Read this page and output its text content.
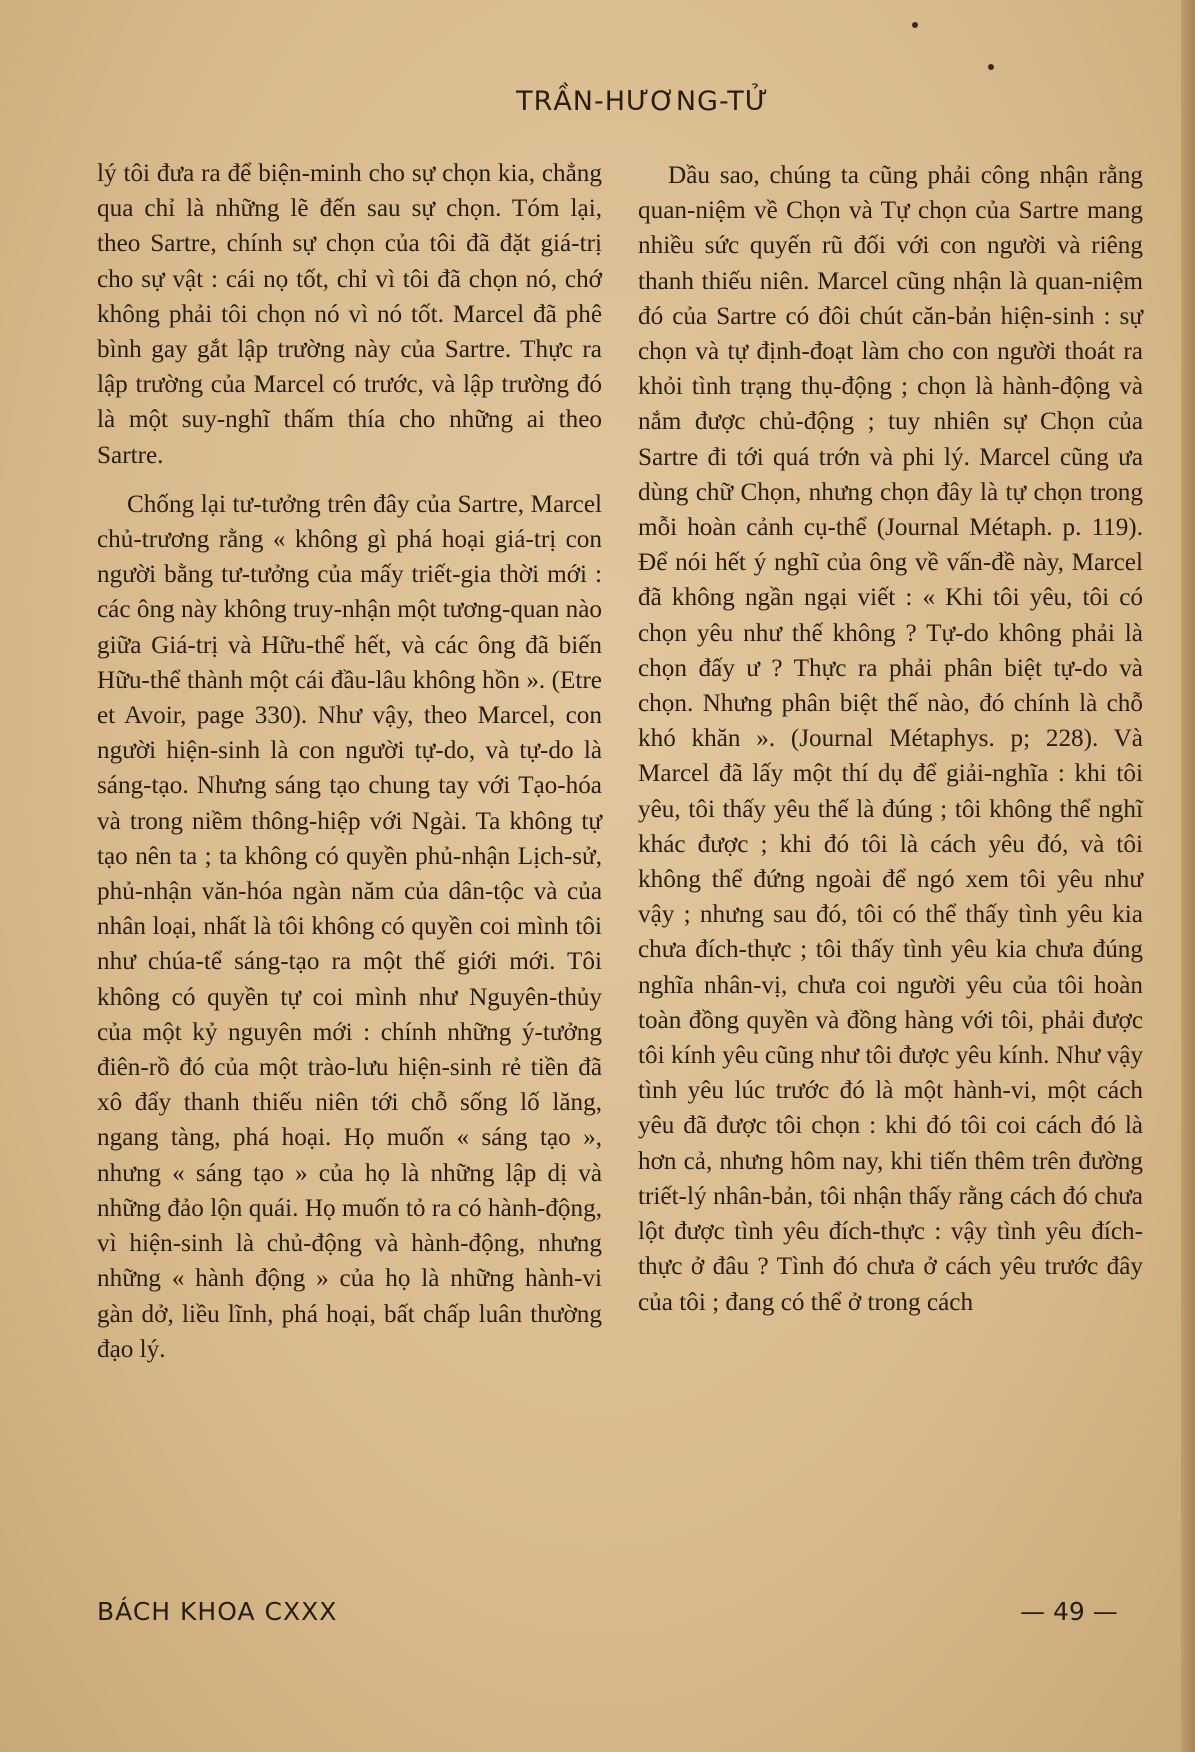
TRẦN-HƯƠNG-TỬ

lý tôi đưa ra để biện-minh cho sự chọn kia, chẳng qua chỉ là những lẽ đến sau sự chọn. Tóm lại, theo Sartre, chính sự chọn của tôi đã đặt giá-trị cho sự vật : cái nọ tốt, chỉ vì tôi đã chọn nó, chớ không phải tôi chọn nó vì nó tốt. Marcel đã phê bình gay gắt lập trường này của Sartre. Thực ra lập trường của Marcel có trước, và lập trường đó là một suy-nghĩ thấm thía cho những ai theo Sartre.

Chống lại tư-tưởng trên đây của Sartre, Marcel chủ-trương rằng « không gì phá hoại giá-trị con người bằng tư-tưởng của mấy triết-gia thời mới : các ông này không truy-nhận một tương-quan nào giữa Giá-trị và Hữu-thể hết, và các ông đã biến Hữu-thể thành một cái đầu-lâu không hồn ». (Etre et Avoir, page 330). Như vậy, theo Marcel, con người hiện-sinh là con người tự-do, và tự-do là sáng-tạo. Nhưng sáng tạo chung tay với Tạo-hóa và trong niềm thông-hiệp với Ngài. Ta không tự tạo nên ta ; ta không có quyền phủ-nhận Lịch-sử, phủ-nhận văn-hóa ngàn năm của dân-tộc và của nhân loại, nhất là tôi không có quyền coi mình tôi như chúa-tể sáng-tạo ra một thế giới mới. Tôi không có quyền tự coi mình như Nguyên-thủy của một kỷ nguyên mới : chính những ý-tưởng điên-rồ đó của một trào-lưu hiện-sinh rẻ tiền đã xô đẩy thanh thiếu niên tới chỗ sống lố lăng, ngang tàng, phá hoại. Họ muốn « sáng tạo », nhưng « sáng tạo » của họ là những lập dị và những đảo lộn quái. Họ muốn tỏ ra có hành-động, vì hiện-sinh là chủ-động và hành-động, nhưng những « hành động » của họ là những hành-vi gàn dở, liều lĩnh, phá hoại, bất chấp luân thường đạo lý.

Dầu sao, chúng ta cũng phải công nhận rằng quan-niệm về Chọn và Tự chọn của Sartre mang nhiều sức quyến rũ đối với con người và riêng thanh thiếu niên. Marcel cũng nhận là quan-niệm đó của Sartre có đôi chút căn-bản hiện-sinh : sự chọn và tự định-đoạt làm cho con người thoát ra khỏi tình trạng thụ-động ; chọn là hành-động và nắm được chủ-động ; tuy nhiên sự Chọn của Sartre đi tới quá trớn và phi lý. Marcel cũng ưa dùng chữ Chọn, nhưng chọn đây là tự chọn trong mỗi hoàn cảnh cụ-thể (Journal Métaph. p. 119). Để nói hết ý nghĩ của ông về vấn-đề này, Marcel đã không ngần ngại viết : « Khi tôi yêu, tôi có chọn yêu như thế không ? Tự-do không phải là chọn đấy ư ? Thực ra phải phân biệt tự-do và chọn. Nhưng phân biệt thế nào, đó chính là chỗ khó khăn ». (Journal Métaphys. p; 228). Và Marcel đã lấy một thí dụ để giải-nghĩa : khi tôi yêu, tôi thấy yêu thế là đúng ; tôi không thể nghĩ khác được ; khi đó tôi là cách yêu đó, và tôi không thể đứng ngoài để ngó xem tôi yêu như vậy ; nhưng sau đó, tôi có thể thấy tình yêu kia chưa đích-thực ; tôi thấy tình yêu kia chưa đúng nghĩa nhân-vị, chưa coi người yêu của tôi hoàn toàn đồng quyền và đồng hàng với tôi, phải được tôi kính yêu cũng như tôi được yêu kính. Như vậy tình yêu lúc trước đó là một hành-vi, một cách yêu đã được tôi chọn : khi đó tôi coi cách đó là hơn cả, nhưng hôm nay, khi tiến thêm trên đường triết-lý nhân-bản, tôi nhận thấy rằng cách đó chưa lột được tình yêu đích-thực : vậy tình yêu đích-thực ở đâu ? Tình đó chưa ở cách yêu trước đây của tôi ; đang có thể ở trong cách

BÁCH KHOA CXXX	— 49 —
